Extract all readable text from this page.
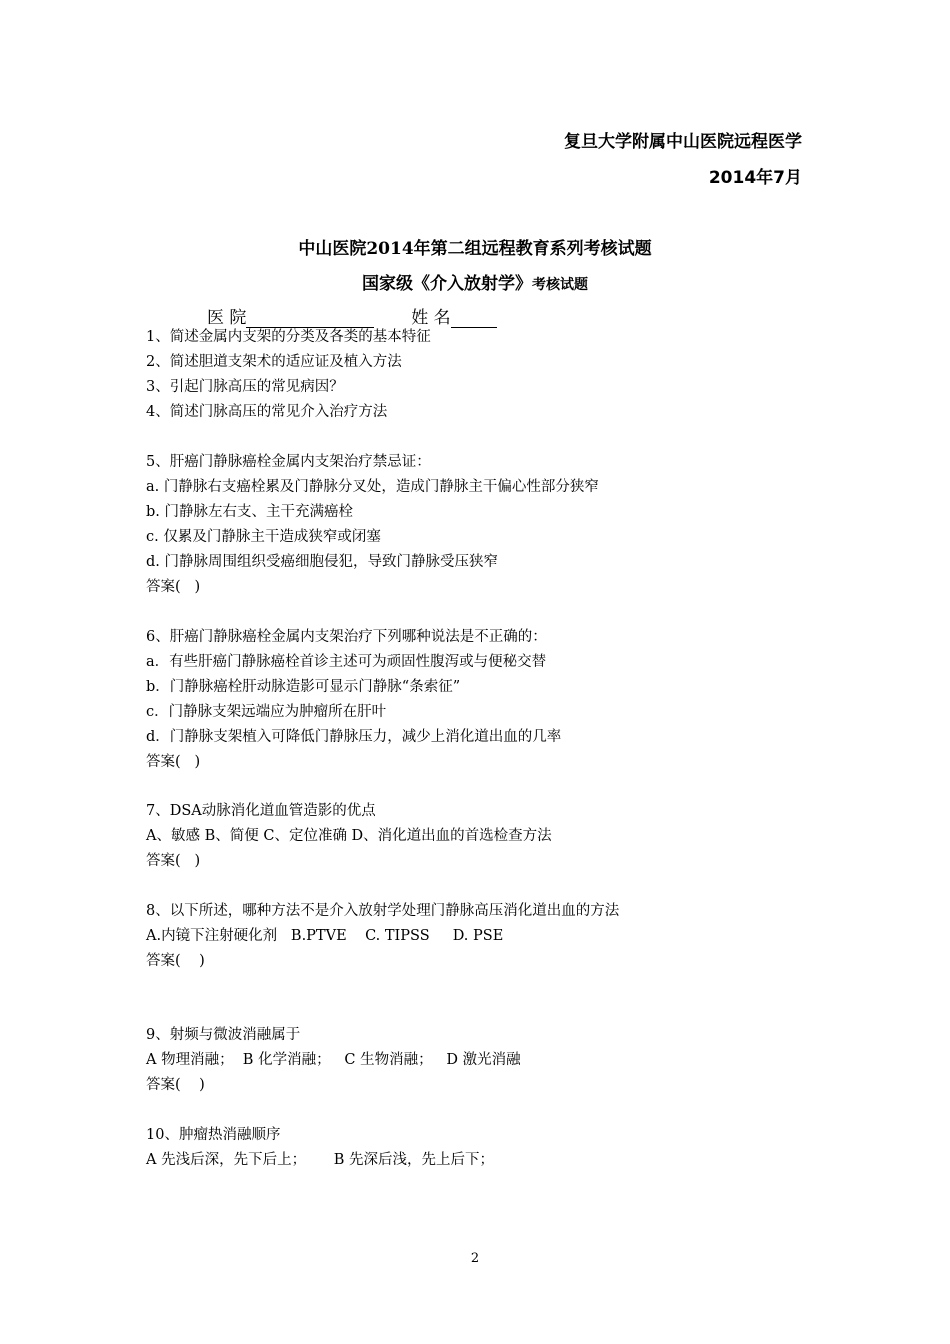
复旦大学附属中山医院远程医学
2014年7月
中山医院2014年第二组远程教育系列考核试题
国家级《介入放射学》考核试题
医 院	姓 名
1、简述金属内支架的分类及各类的基本特征
2、简述胆道支架术的适应证及植入方法
3、引起门脉高压的常见病因？
4、简述门脉高压的常见介入治疗方法
5、肝癌门静脉癌栓金属内支架治疗禁忌证：
a. 门静脉右支癌栓累及门静脉分叉处，造成门静脉主干偏心性部分狭窄
b. 门静脉左右支、主干充满癌栓
c. 仅累及门静脉主干造成狭窄或闭塞
d. 门静脉周围组织受癌细胞侵犯，导致门静脉受压狭窄
答案(   )
6、肝癌门静脉癌栓金属内支架治疗下列哪种说法是不正确的：
a．有些肝癌门静脉癌栓首诊主述可为顽固性腹泻或与便秘交替
b．门静脉癌栓肝动脉造影可显示门静脉“条索征”
c．门静脉支架远端应为肿瘤所在肝叶
d．门静脉支架植入可降低门静脉压力，减少上消化道出血的几率
答案(   )
7、DSA动脉消化道血管造影的优点
A、敏感 B、简便 C、定位准确 D、消化道出血的首选检查方法
答案(   )
8、以下所述，哪种方法不是介入放射学处理门静脉高压消化道出血的方法
A.内镜下注射硬化剂   B.PTVE    C. TIPSS     D. PSE
答案(    )
9、射频与微波消融属于
A 物理消融；  B 化学消融；   C 生物消融；   D 激光消融
答案(    )
10、肿瘤热消融顺序
A 先浅后深，先下后上；      B 先深后浅，先上后下；
2
